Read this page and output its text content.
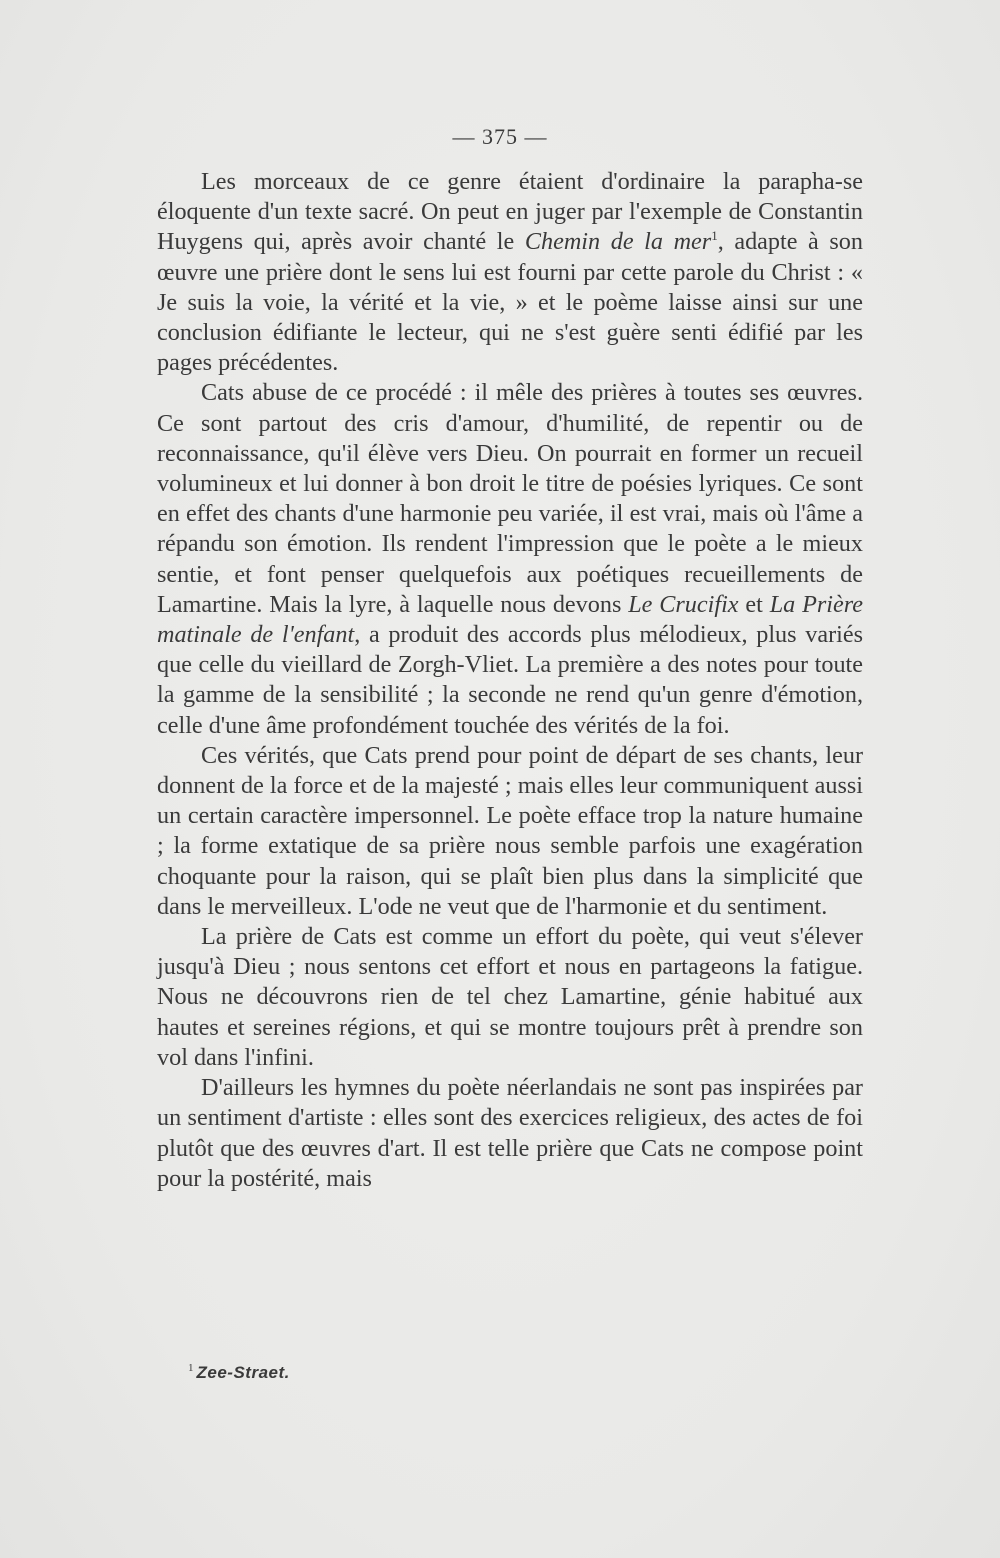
— 375 —

Les morceaux de ce genre étaient d'ordinaire la parapha-se éloquente d'un texte sacré. On peut en juger par l'exemple de Constantin Huygens qui, après avoir chanté le Chemin de la mer$^1$, adapte à son œuvre une prière dont le sens lui est fourni par cette parole du Christ : « Je suis la voie, la vérité et la vie, » et le poème laisse ainsi sur une conclusion édifiante le lecteur, qui ne s'est guère senti édifié par les pages précédentes.

Cats abuse de ce procédé : il mêle des prières à toutes ses œuvres. Ce sont partout des cris d'amour, d'humilité, de repentir ou de reconnaissance, qu'il élève vers Dieu. On pourrait en former un recueil volumineux et lui donner à bon droit le titre de poésies lyriques. Ce sont en effet des chants d'une harmonie peu variée, il est vrai, mais où l'âme a répandu son émotion. Ils rendent l'impression que le poète a le mieux sentie, et font penser quelquefois aux poétiques recueillements de Lamartine. Mais la lyre, à laquelle nous devons Le Crucifix et La Prière matinale de l'enfant, a produit des accords plus mélodieux, plus variés que celle du vieillard de Zorgh-Vliet. La première a des notes pour toute la gamme de la sensibilité ; la seconde ne rend qu'un genre d'émotion, celle d'une âme profondément touchée des vérités de la foi.

Ces vérités, que Cats prend pour point de départ de ses chants, leur donnent de la force et de la majesté ; mais elles leur communiquent aussi un certain caractère impersonnel. Le poète efface trop la nature humaine ; la forme extatique de sa prière nous semble parfois une exagération choquante pour la raison, qui se plaît bien plus dans la simplicité que dans le merveilleux. L'ode ne veut que de l'harmonie et du sentiment.

La prière de Cats est comme un effort du poète, qui veut s'élever jusqu'à Dieu ; nous sentons cet effort et nous en partageons la fatigue. Nous ne découvrons rien de tel chez Lamartine, génie habitué aux hautes et sereines régions, et qui se montre toujours prêt à prendre son vol dans l'infini.

D'ailleurs les hymnes du poète néerlandais ne sont pas inspirées par un sentiment d'artiste : elles sont des exercices religieux, des actes de foi plutôt que des œuvres d'art. Il est telle prière que Cats ne compose point pour la postérité, mais

$^1$ Zee-Straet.
